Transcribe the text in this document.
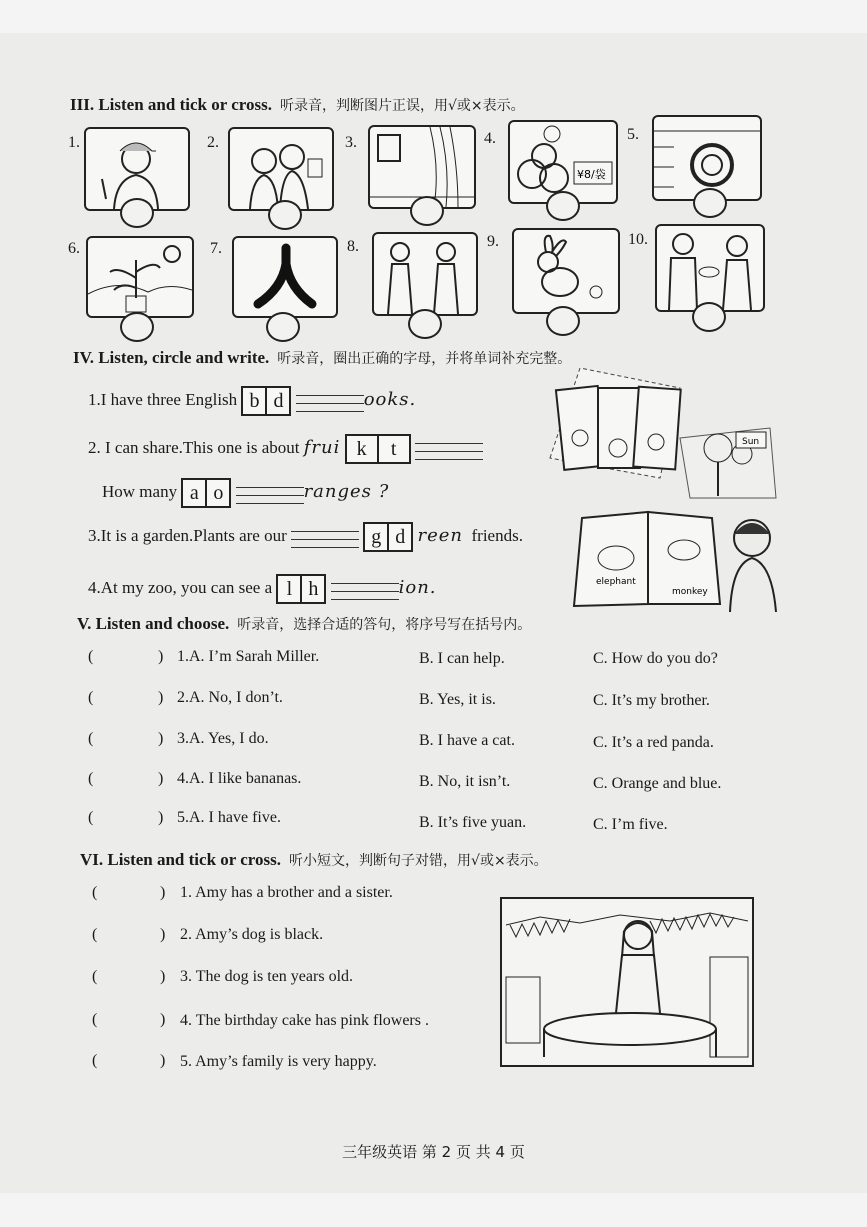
III. Listen and tick or cross. 听录音，判断图片正误，用√或×表示。
1.	2.	3.	4.
¥8/袋
5.
6.	7.	8.	9.	10.
IV. Listen, circle and write. 听录音，圈出正确的字母，并将单词补充完整。
1.I have three English b d	ooks.
2. I can share.This one is about frui k t
How many a o	ranges ?
3.It is a garden.Plants are our	g d reen friends.
4.At my zoo, you can see a l h	ion.
Sun
elephant
monkey
V. Listen and choose. 听录音，选择合适的答句，将序号写在括号内。
(	) 1.A. I’m Sarah Miller.	B. I can help.	C. How do you do?
(	) 2.A. No, I don’t.	B. Yes, it is.	C. It’s my brother.
(	) 3.A. Yes, I do.	B. I have a cat.	C. It’s a red panda.
(	) 4.A. I like bananas.	B. No, it isn’t.	C. Orange and blue.
(	) 5.A. I have five.	B. It’s five yuan.	C. I’m five.
VI. Listen and tick or cross. 听小短文，判断句子对错，用√或×表示。
(	) 1. Amy has a brother and a sister.
(	) 2. Amy’s dog is black.
(	) 3. The dog is ten years old.
(	) 4. The birthday cake has pink flowers .
(	) 5. Amy’s family is very happy.
三年级英语 第 2 页 共 4 页
